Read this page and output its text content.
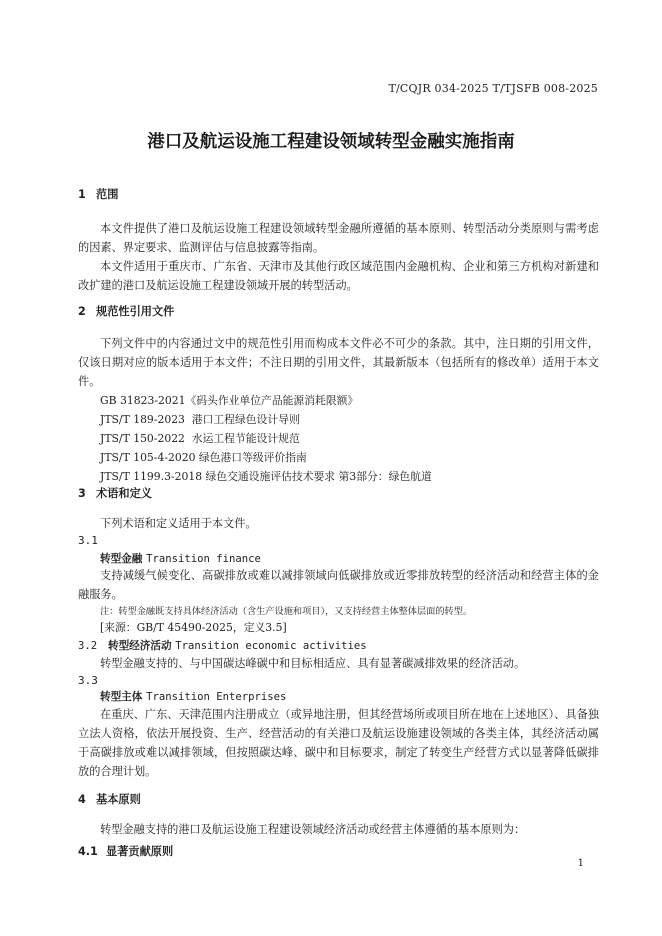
T/CQJR 034-2025 T/TJSFB 008-2025
港口及航运设施工程建设领域转型金融实施指南
1 范围
本文件提供了港口及航运设施工程建设领域转型金融所遵循的基本原则、转型活动分类原则与需考虑的因素、界定要求、监测评估与信息披露等指南。
本文件适用于重庆市、广东省、天津市及其他行政区域范围内金融机构、企业和第三方机构对新建和改扩建的港口及航运设施工程建设领域开展的转型活动。
2 规范性引用文件
下列文件中的内容通过文中的规范性引用而构成本文件必不可少的条款。其中，注日期的引用文件，仅该日期对应的版本适用于本文件；不注日期的引用文件，其最新版本（包括所有的修改单）适用于本文件。
GB 31823-2021《码头作业单位产品能源消耗限额》
JTS/T 189-2023  港口工程绿色设计导则
JTS/T 150-2022  水运工程节能设计规范
JTS/T 105-4-2020 绿色港口等级评价指南
JTS/T 1199.3-2018 绿色交通设施评估技术要求 第3部分：绿色航道
3 术语和定义
下列术语和定义适用于本文件。
3.1
转型金融 Transition finance
支持减缓气候变化、高碳排放或难以减排领域向低碳排放或近零排放转型的经济活动和经营主体的金融服务。
注：转型金融既支持具体经济活动（含生产设施和项目），又支持经营主体整体层面的转型。
[来源：GB/T 45490-2025，定义3.5]
3.2 转型经济活动 Transition economic activities
转型金融支持的、与中国碳达峰碳中和目标相适应、具有显著碳减排效果的经济活动。
3.3
转型主体 Transition Enterprises
在重庆、广东、天津范围内注册成立（或异地注册，但其经营场所或项目所在地在上述地区）、具备独立法人资格，依法开展投资、生产、经营活动的有关港口及航运设施建设领域的各类主体，其经济活动属于高碳排放或难以减排领域，但按照碳达峰、碳中和目标要求，制定了转变生产经营方式以显著降低碳排放的合理计划。
4 基本原则
转型金融支持的港口及航运设施工程建设领域经济活动或经营主体遵循的基本原则为：
4.1 显著贡献原则
1
